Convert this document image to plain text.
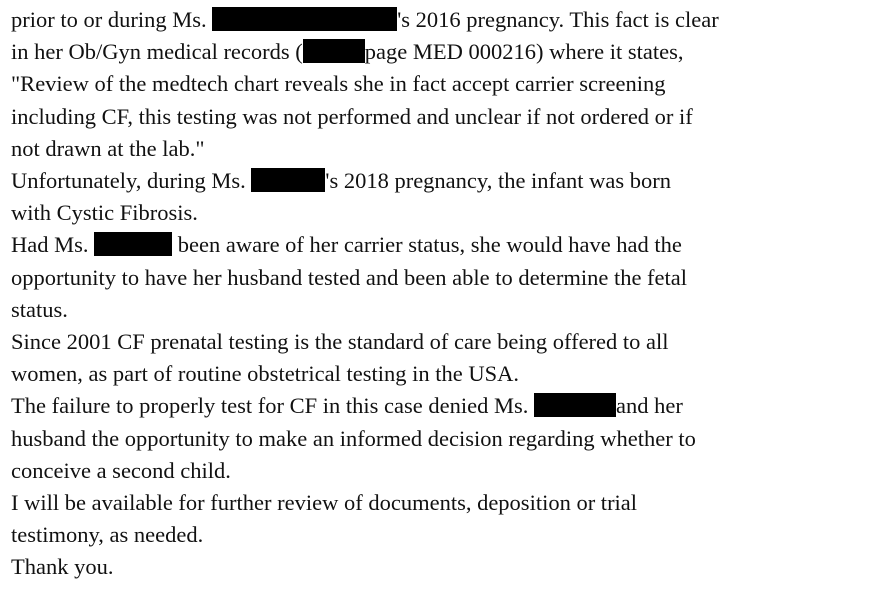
prior to or during Ms.	's 2016 pregnancy. This fact is clear
in her Ob/Gyn medical records (	page MED 000216) where it states,
"Review of the medtech chart reveals she in fact accept carrier screening
including CF, this testing was not performed and unclear if not ordered or if
not drawn at the lab."
Unfortunately, during Ms.	's 2018 pregnancy, the infant was born
with Cystic Fibrosis.
Had Ms.	been aware of her carrier status, she would have had the
opportunity to have her husband tested and been able to determine the fetal
status.
Since 2001 CF prenatal testing is the standard of care being offered to all
women, as part of routine obstetrical testing in the USA.
The failure to properly test for CF in this case denied Ms.	and her
husband the opportunity to make an informed decision regarding whether to
conceive a second child.
I will be available for further review of documents, deposition or trial
testimony, as needed.
Thank you.
